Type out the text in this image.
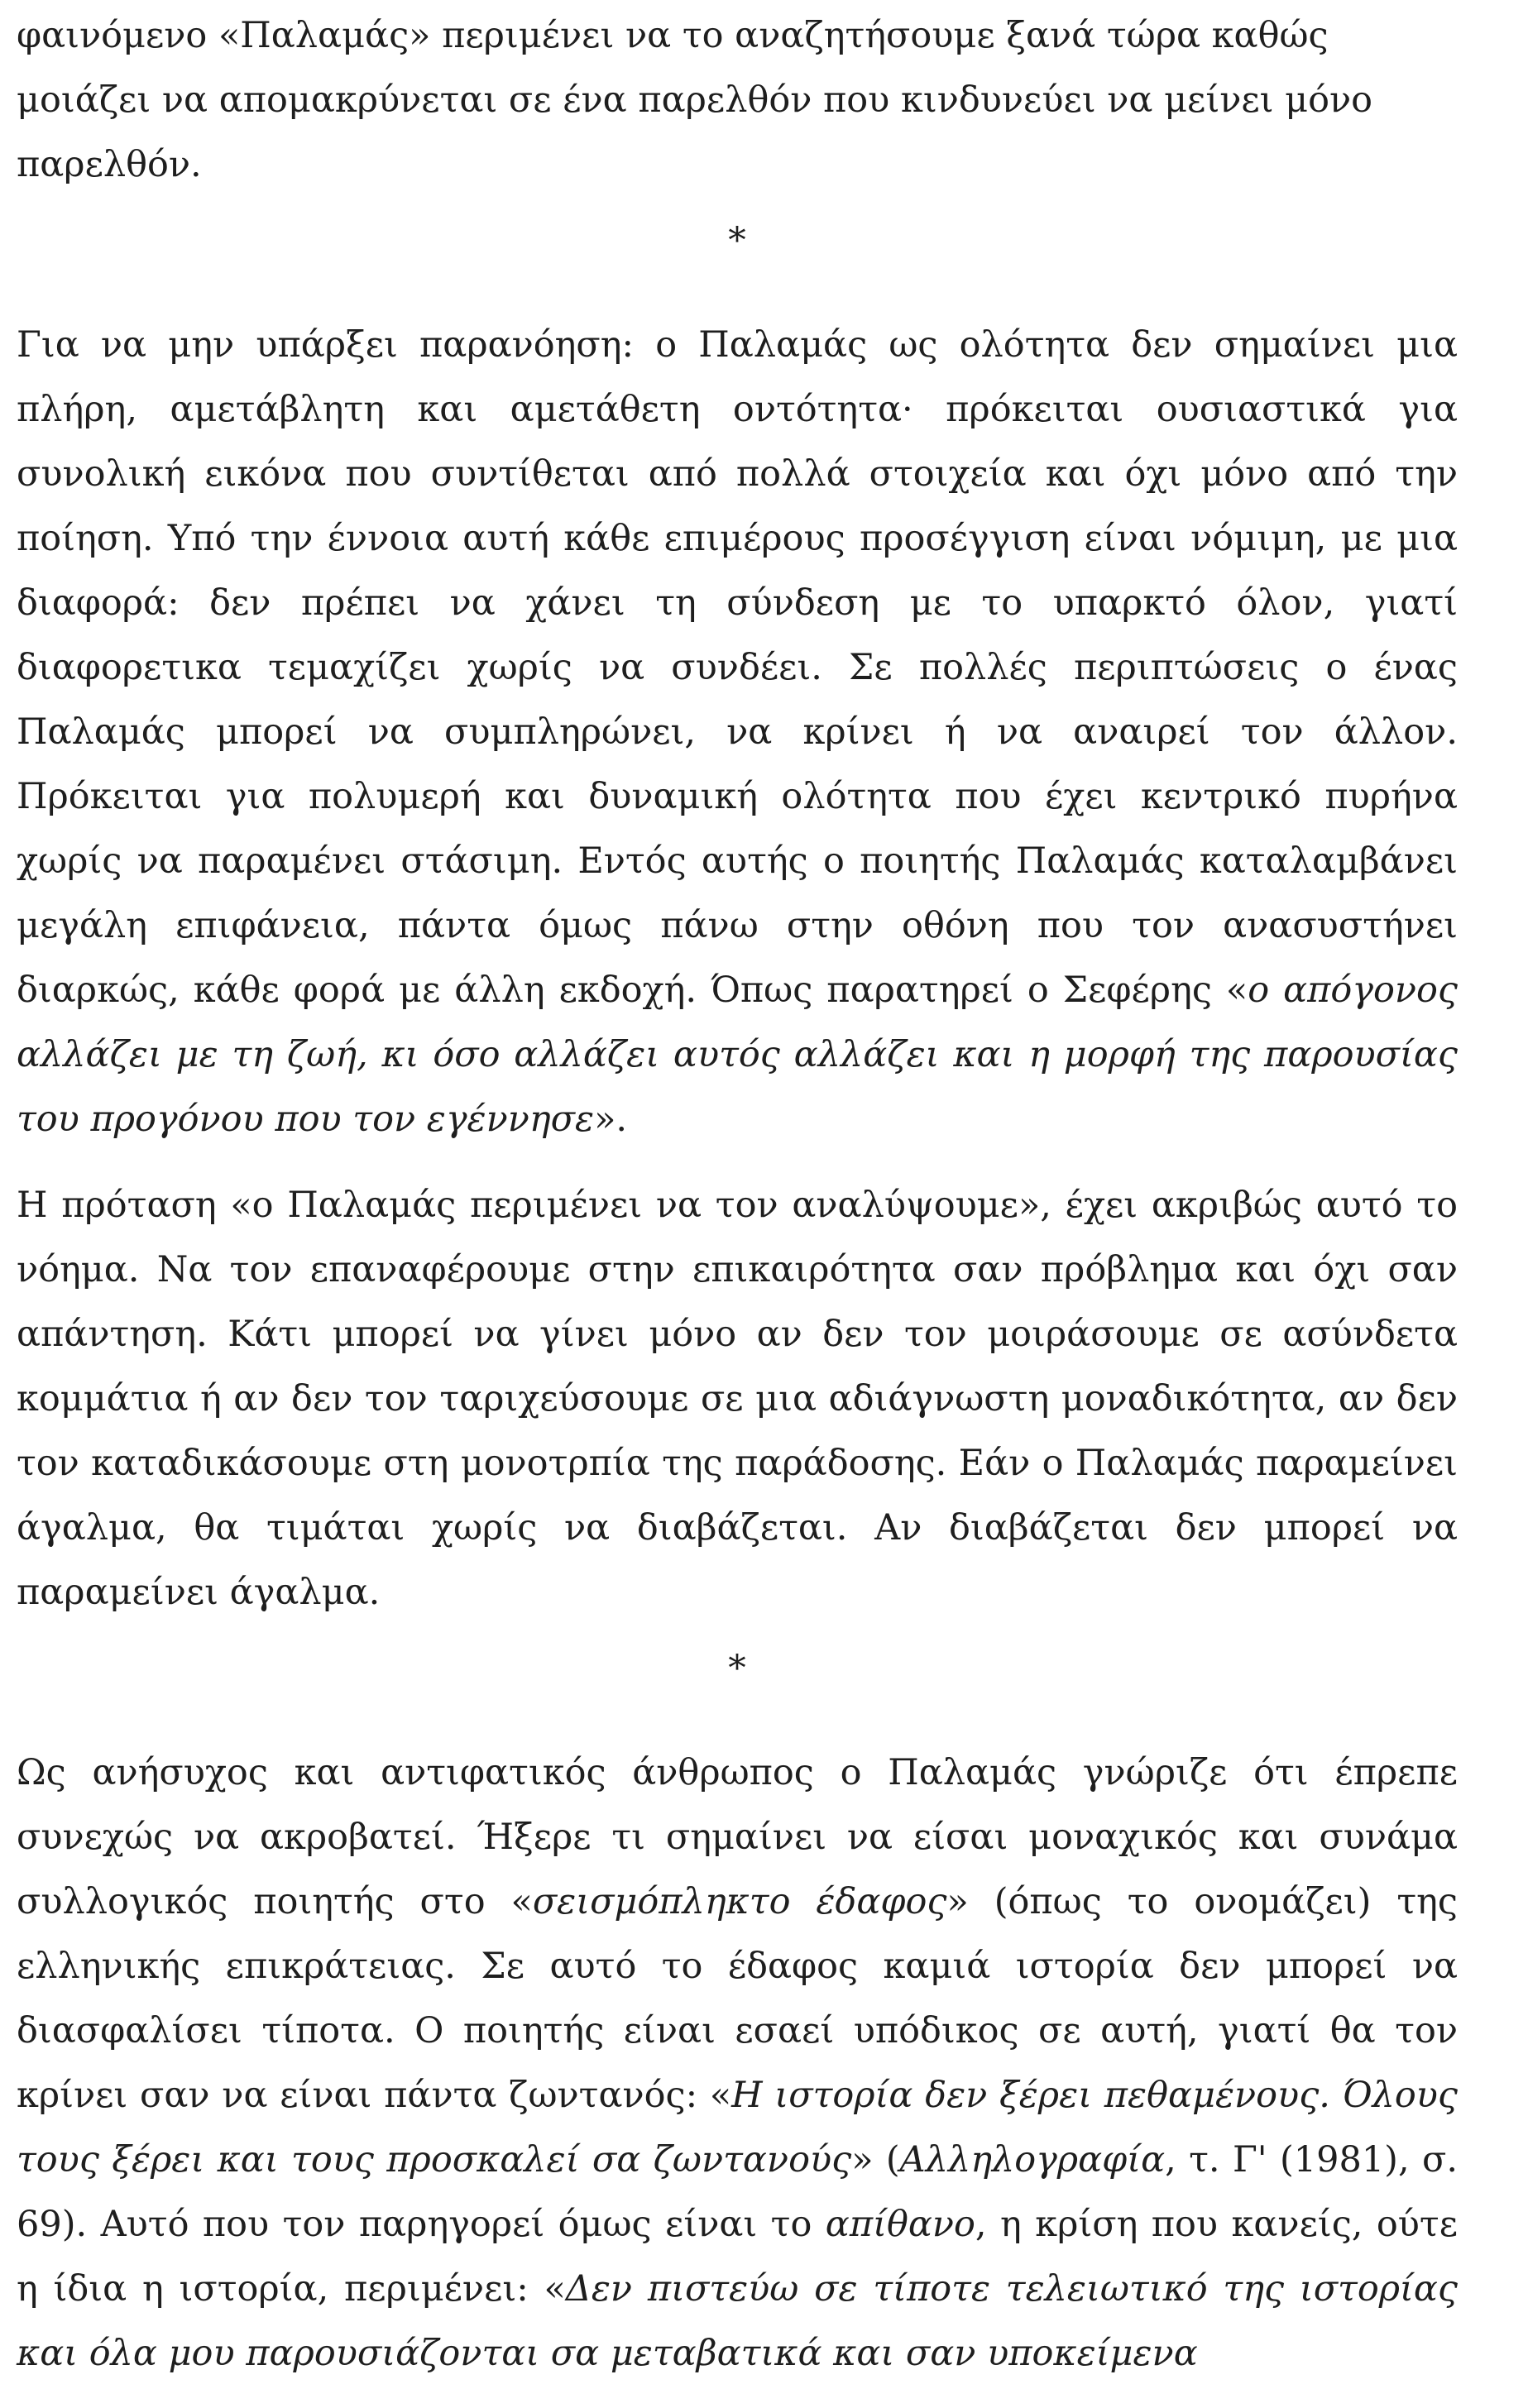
φαινόμενο «Παλαμάς» περιμένει να το αναζητήσουμε ξανά τώρα καθώς μοιάζει να απομακρύνεται σε ένα παρελθόν που κινδυνεύει να μείνει μόνο παρελθόν.

*

Για να μην υπάρξει παρανόηση: ο Παλαμάς ως ολότητα δεν σημαίνει μια πλήρη, αμετάβλητη και αμετάθετη οντότητα· πρόκειται ουσιαστικά για συνολική εικόνα που συντίθεται από πολλά στοιχεία και όχι μόνο από την ποίηση. Υπό την έννοια αυτή κάθε επιμέρους προσέγγιση είναι νόμιμη, με μια διαφορά: δεν πρέπει να χάνει τη σύνδεση με το υπαρκτό όλον, γιατί διαφορετικα τεμαχίζει χωρίς να συνδέει. Σε πολλές περιπτώσεις ο ένας Παλαμάς μπορεί να συμπληρώνει, να κρίνει ή να αναιρεί τον άλλον. Πρόκειται για πολυμερή και δυναμική ολότητα που έχει κεντρικό πυρήνα χωρίς να παραμένει στάσιμη. Εντός αυτής ο ποιητής Παλαμάς καταλαμβάνει μεγάλη επιφάνεια, πάντα όμως πάνω στην οθόνη που τον ανασυστήνει διαρκώς, κάθε φορά με άλλη εκδοχή. Όπως παρατηρεί ο Σεφέρης «ο απόγονος αλλάζει με τη ζωή, κι όσο αλλάζει αυτός αλλάζει και η μορφή της παρουσίας του προγόνου που τον εγέννησε».

Η πρόταση «ο Παλαμάς περιμένει να τον αναλύψουμε», έχει ακριβώς αυτό το νόημα. Να τον επαναφέρουμε στην επικαιρότητα σαν πρόβλημα και όχι σαν απάντηση. Κάτι μπορεί να γίνει μόνο αν δεν τον μοιράσουμε σε ασύνδετα κομμάτια ή αν δεν τον ταριχεύσουμε σε μια αδιάγνωστη μοναδικότητα, αν δεν τον καταδικάσουμε στη μονοτρπία της παράδοσης. Εάν ο Παλαμάς παραμείνει άγαλμα, θα τιμάται χωρίς να διαβάζεται. Αν διαβάζεται δεν μπορεί να παραμείνει άγαλμα.

*

Ως ανήσυχος και αντιφατικός άνθρωπος ο Παλαμάς γνώριζε ότι έπρεπε συνεχώς να ακροβατεί. Ήξερε τι σημαίνει να είσαι μοναχικός και συνάμα συλλογικός ποιητής στο «σεισμόπληκτο έδαφος» (όπως το ονομάζει) της ελληνικής επικράτειας. Σε αυτό το έδαφος καμιά ιστορία δεν μπορεί να διασφαλίσει τίποτα. Ο ποιητής είναι εσαεί υπόδικος σε αυτή, γιατί θα τον κρίνει σαν να είναι πάντα ζωντανός: «Η ιστορία δεν ξέρει πεθαμένους. Όλους τους ξέρει και τους προσκαλεί σα ζωντανούς» (Αλληλογραφία, τ. Γ' (1981), σ. 69). Αυτό που τον παρηγορεί όμως είναι το απίθανο, η κρίση που κανείς, ούτε η ίδια η ιστορία, περιμένει: «Δεν πιστεύω σε τίποτε τελειωτικό της ιστορίας και όλα μου παρουσιάζονται σα μεταβατικά και σαν υποκείμενα
